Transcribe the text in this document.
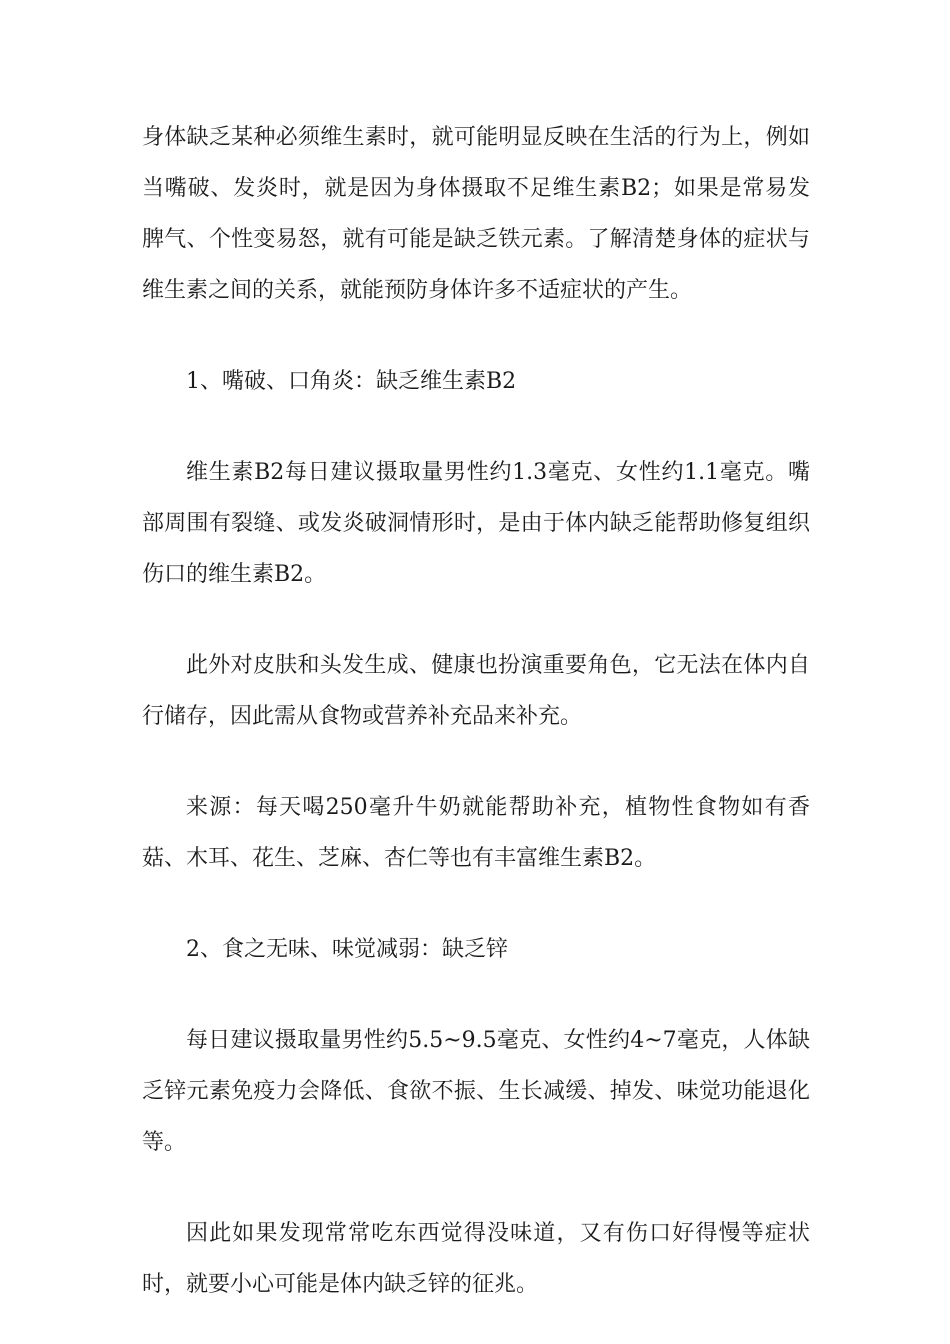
身体缺乏某种必须维生素时，就可能明显反映在生活的行为上，例如当嘴破、发炎时，就是因为身体摄取不足维生素B2；如果是常易发脾气、个性变易怒，就有可能是缺乏铁元素。了解清楚身体的症状与维生素之间的关系，就能预防身体许多不适症状的产生。

1、嘴破、口角炎：缺乏维生素B2

维生素B2每日建议摄取量男性约1.3毫克、女性约1.1毫克。嘴部周围有裂缝、或发炎破洞情形时，是由于体内缺乏能帮助修复组织伤口的维生素B2。

此外对皮肤和头发生成、健康也扮演重要角色，它无法在体内自行储存，因此需从食物或营养补充品来补充。

来源：每天喝250毫升牛奶就能帮助补充，植物性食物如有香菇、木耳、花生、芝麻、杏仁等也有丰富维生素B2。

2、食之无味、味觉减弱：缺乏锌

每日建议摄取量男性约5.5~9.5毫克、女性约4~7毫克，人体缺乏锌元素免疫力会降低、食欲不振、生长减缓、掉发、味觉功能退化等。

因此如果发现常常吃东西觉得没味道，又有伤口好得慢等症状时，就要小心可能是体内缺乏锌的征兆。
